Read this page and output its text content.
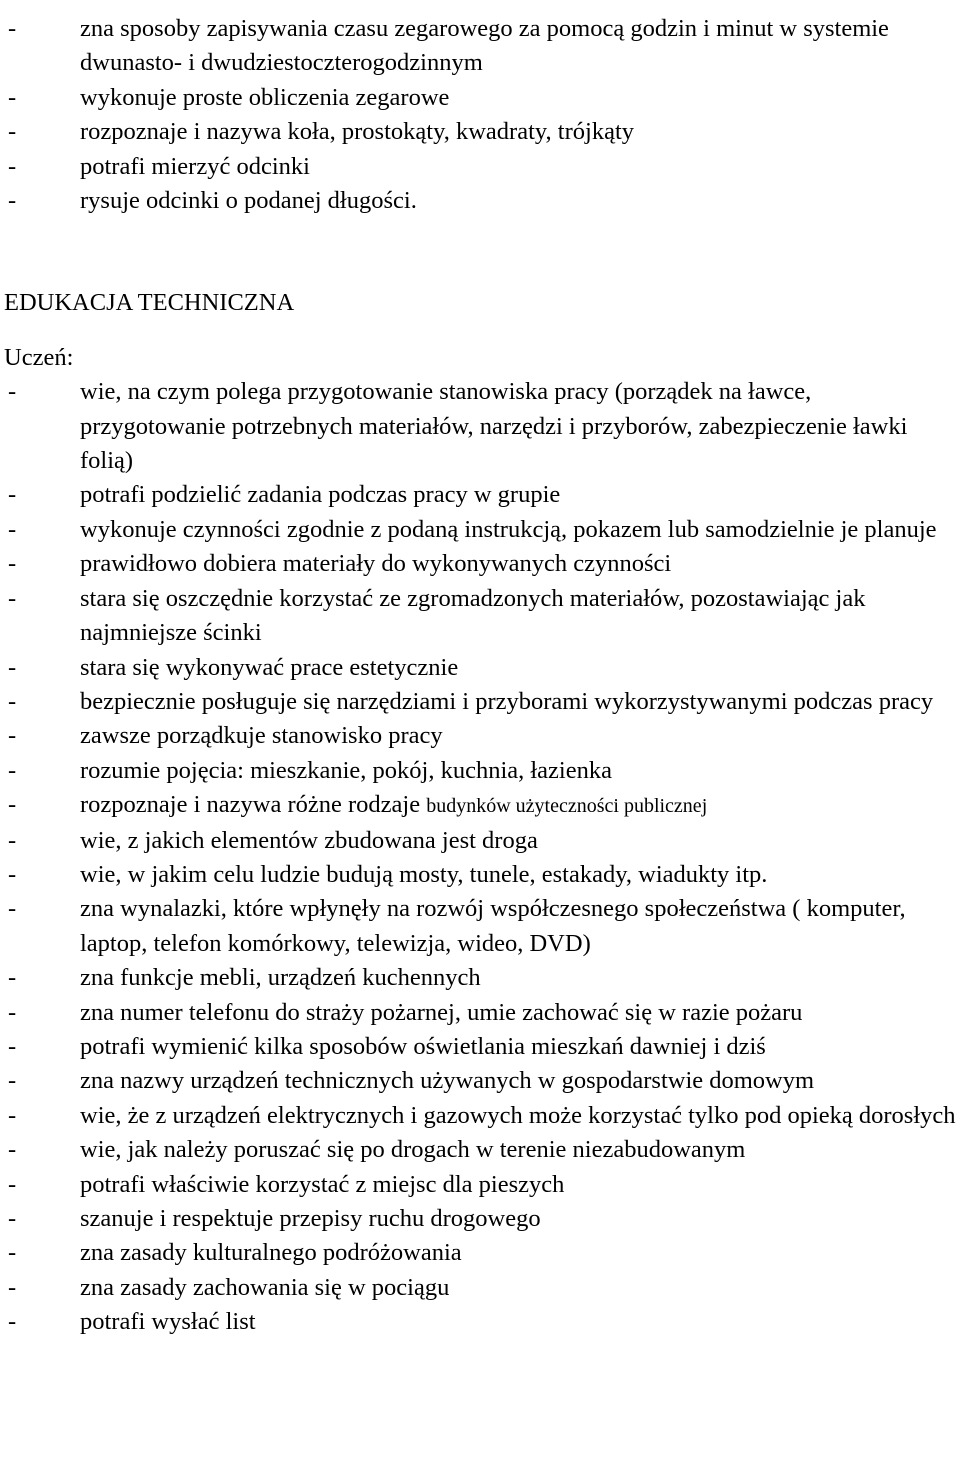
-	zna sposoby zapisywania czasu zegarowego za pomocą godzin i minut w systemie dwunasto- i dwudziestoczterogodzinnym
-	wykonuje proste obliczenia zegarowe
-	rozpoznaje i nazywa koła, prostokąty, kwadraty, trójkąty
-	potrafi mierzyć odcinki
-	rysuje odcinki o podanej długości.
EDUKACJA TECHNICZNA

Uczeń:

-	wie, na czym polega przygotowanie stanowiska pracy (porządek na ławce, przygotowanie potrzebnych materiałów, narzędzi i przyborów, zabezpieczenie ławki folią)
-	potrafi podzielić zadania podczas pracy w grupie
-	wykonuje czynności zgodnie z podaną instrukcją, pokazem lub samodzielnie je planuje
-	prawidłowo dobiera materiały do wykonywanych czynności
-	stara się oszczędnie korzystać ze zgromadzonych materiałów, pozostawiając jak najmniejsze ścinki
-	stara się wykonywać prace estetycznie
-	bezpiecznie posługuje się narzędziami i przyborami wykorzystywanymi podczas pracy
-	zawsze porządkuje stanowisko pracy
-	rozumie pojęcia: mieszkanie, pokój, kuchnia, łazienka
-	rozpoznaje i nazywa różne rodzaje budynków użyteczności publicznej
-	wie, z jakich elementów zbudowana jest droga
-	wie, w jakim celu ludzie budują mosty, tunele, estakady, wiadukty itp.
-	zna wynalazki, które wpłynęły na rozwój współczesnego społeczeństwa ( komputer, laptop, telefon komórkowy, telewizja, wideo, DVD)
-	zna funkcje mebli, urządzeń kuchennych
-	zna numer telefonu do straży pożarnej, umie zachować się w razie pożaru
-	potrafi wymienić kilka sposobów oświetlania mieszkań dawniej i dziś
-	zna nazwy urządzeń technicznych używanych w gospodarstwie domowym
-	wie, że z urządzeń elektrycznych i gazowych może korzystać tylko pod opieką dorosłych
-	wie, jak należy poruszać się po drogach w terenie niezabudowanym
-	potrafi właściwie korzystać z miejsc dla pieszych
-	szanuje i respektuje przepisy ruchu drogowego
-	zna zasady kulturalnego podróżowania
-	zna zasady zachowania się w pociągu
-	potrafi wysłać list
